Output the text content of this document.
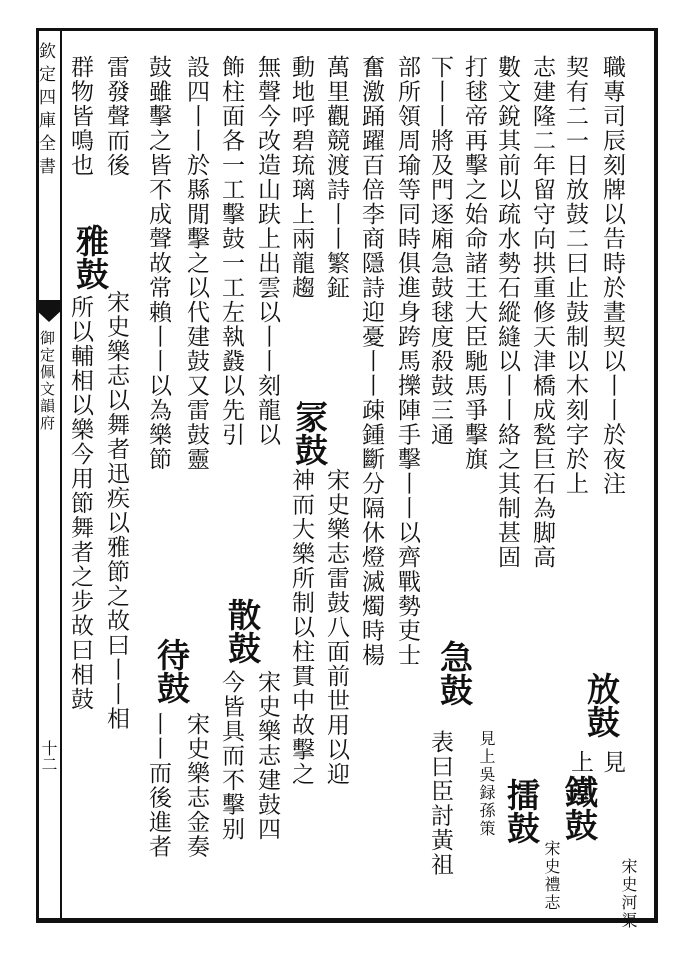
欽定四庫全書
御定佩文韻府
十二
職專司辰刻牌以告時於晝契以丨丨於夜注
契有二一日放鼓二曰止鼓制以木刻字於上
放鼓
上 見
志建隆二年留守向拱重修天津橋成甃巨石為脚高
鐵鼓
宋史河渠
數文銳其前以疏水勢石縱縫以丨丨絡之其制甚固
擂鼓
宋史禮志
打毬帝再擊之始命諸王大臣馳馬爭擊旗
急鼓
見上吳録孫策
下丨丨將及門逐廂急鼓毬度殺鼓三通
表曰臣討黃祖
部所領周瑜等同時俱進身跨馬擽陣手擊丨丨以齊戰勢吏士
奮激踊躍百倍李商隱詩迎憂丨丨疎鍾斷分隔休燈滅燭時楊
萬里觀競渡詩丨丨繁鉦
冡鼓
宋史樂志雷鼓八面前世用以迎
動地呼碧琉璃上兩龍趨
神而大樂所制以柱貫中故擊之
無聲今改造山趺上出雲以丨丨刻龍以
散鼓
宋史樂志建鼓四
飾柱面各一工擊鼓一工左執鼗以先引
今皆具而不擊别
設四丨丨於縣閒擊之以代建鼓又雷鼓靈
待鼓
宋史樂志金奏
鼓雖擊之皆不成聲故常賴丨丨以為樂節
丨丨而後進者
雷發聲而後
雅鼓
宋史樂志以舞者迅疾以雅節之故曰丨丨相
群物皆鳴也
所以輔相以樂今用節舞者之步故曰相鼓
